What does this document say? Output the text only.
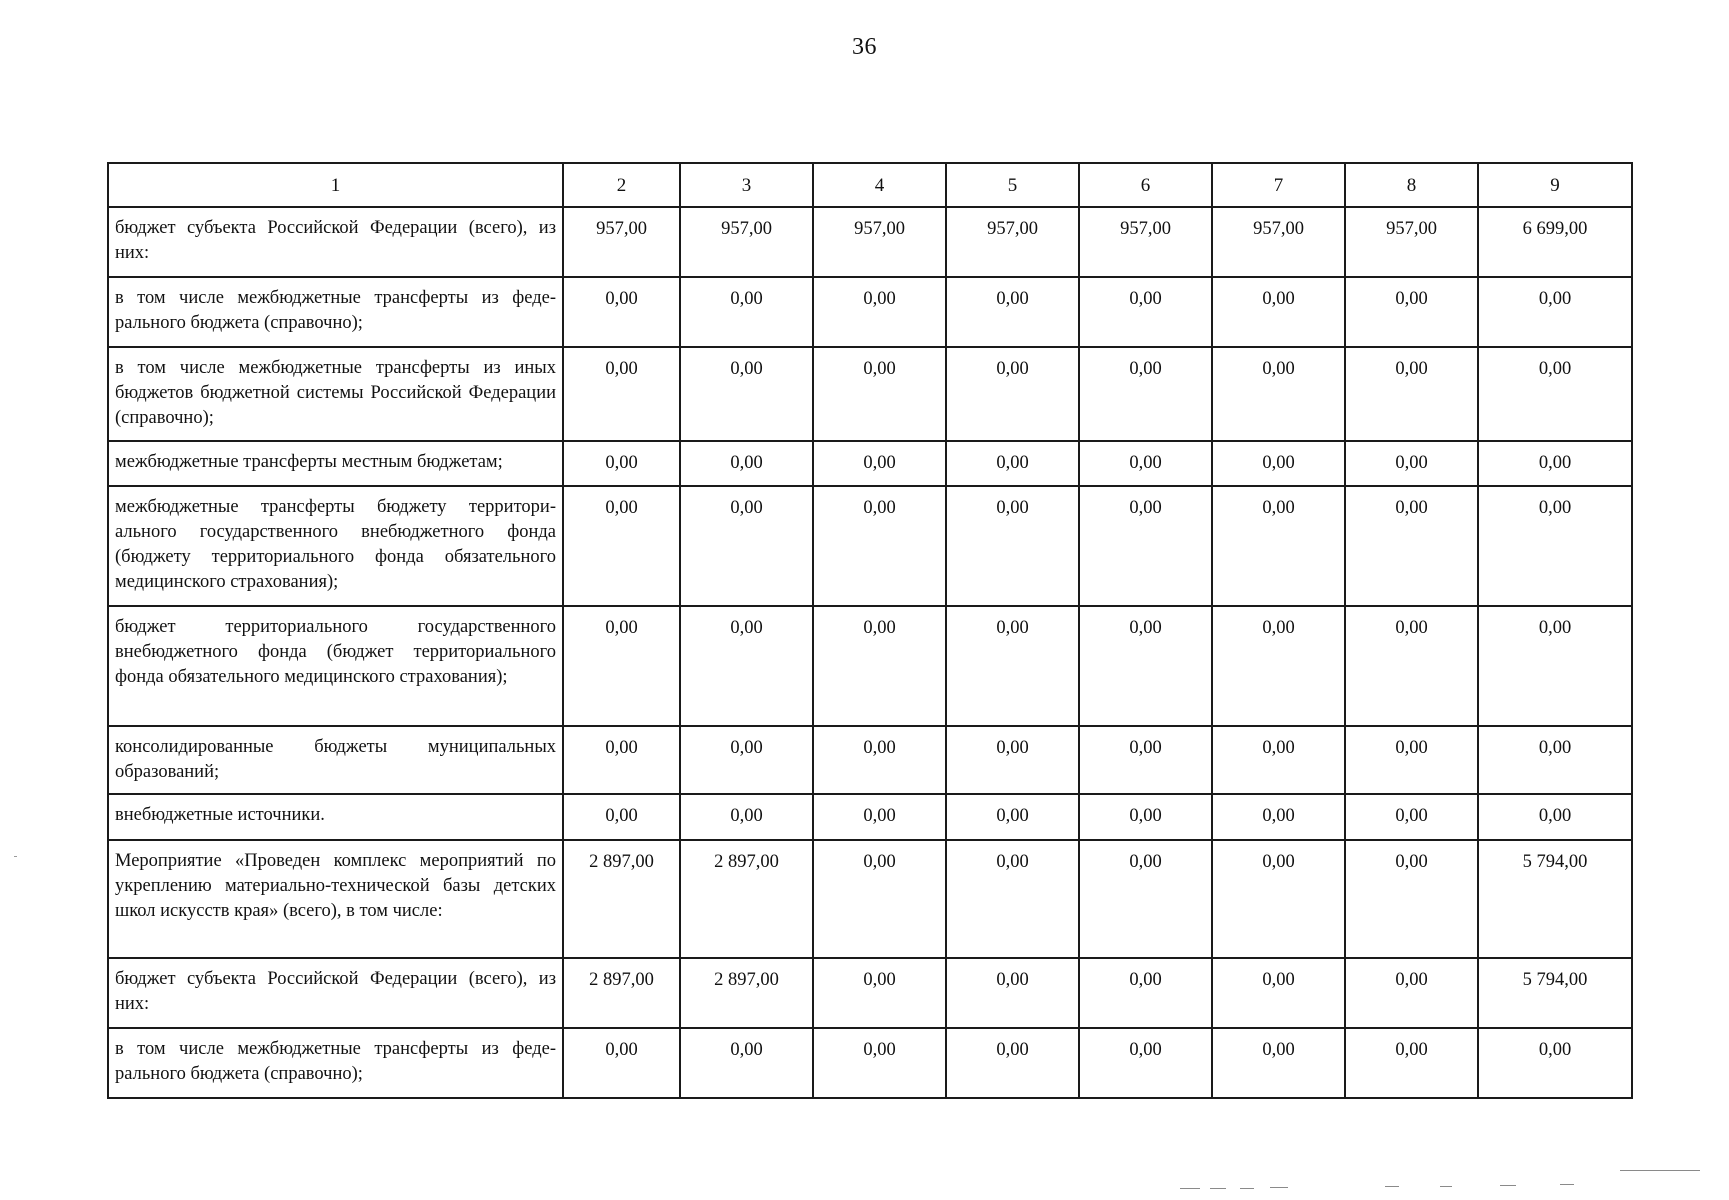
36
1	2	3	4	5	6	7	8	9
бюджет субъекта Российской Федерации (всего), из них:	957,00	957,00	957,00	957,00	957,00	957,00	957,00	6 699,00
в том числе межбюджетные трансферты из федерального бюджета (справочно);	0,00	0,00	0,00	0,00	0,00	0,00	0,00	0,00
в том числе межбюджетные трансферты из иных бюджетов бюджетной системы Российской Федерации (справочно);	0,00	0,00	0,00	0,00	0,00	0,00	0,00	0,00
межбюджетные трансферты местным бюджетам;	0,00	0,00	0,00	0,00	0,00	0,00	0,00	0,00
межбюджетные трансферты бюджету территориального государственного внебюджетного фонда (бюджету территориального фонда обязательного медицинского страхования);	0,00	0,00	0,00	0,00	0,00	0,00	0,00	0,00
бюджет территориального государственного внебюджетного фонда (бюджет территориального фонда обязательного медицинского страхования);	0,00	0,00	0,00	0,00	0,00	0,00	0,00	0,00
консолидированные бюджеты муниципальных образований;	0,00	0,00	0,00	0,00	0,00	0,00	0,00	0,00
внебюджетные источники.	0,00	0,00	0,00	0,00	0,00	0,00	0,00	0,00
Мероприятие «Проведен комплекс мероприятий по укреплению материально-технической базы детских школ искусств края» (всего), в том числе:	2 897,00	2 897,00	0,00	0,00	0,00	0,00	0,00	5 794,00
бюджет субъекта Российской Федерации (всего), из них:	2 897,00	2 897,00	0,00	0,00	0,00	0,00	0,00	5 794,00
в том числе межбюджетные трансферты из федерального бюджета (справочно);	0,00	0,00	0,00	0,00	0,00	0,00	0,00	0,00
